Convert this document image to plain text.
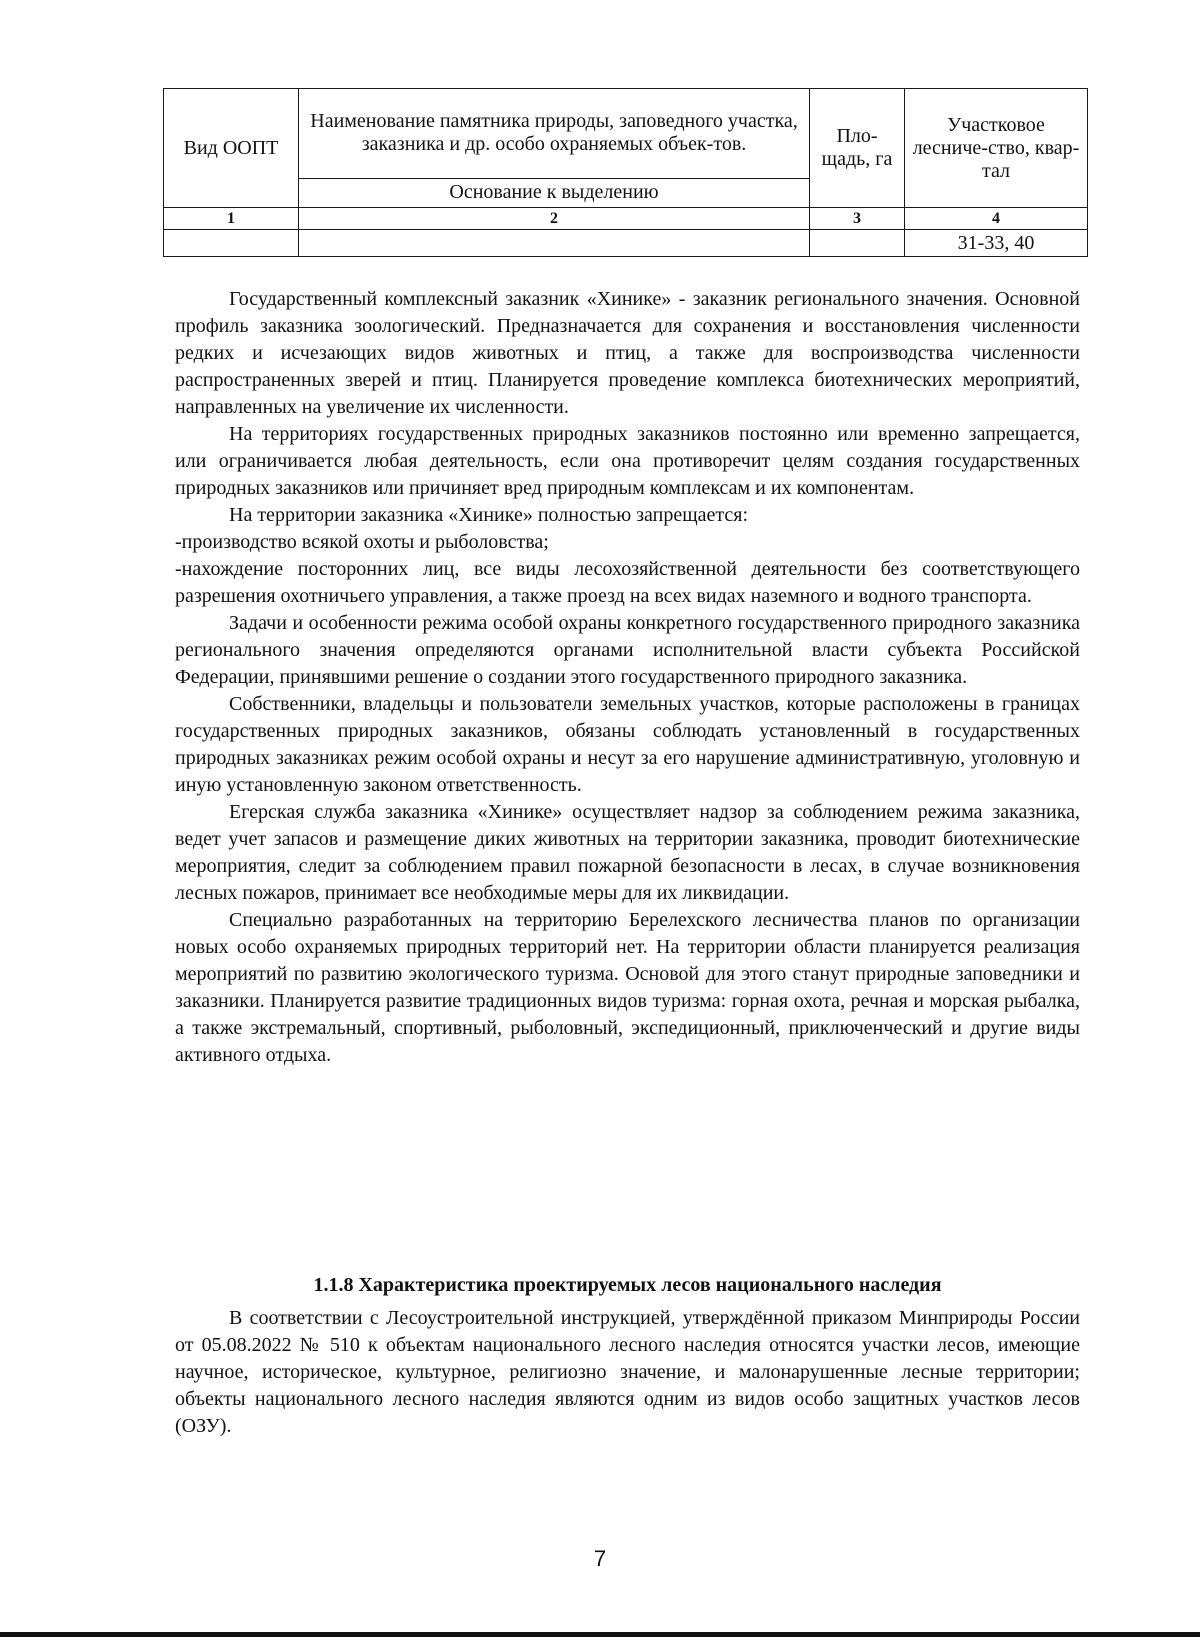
Вид ООПТ	Наименование памятника природы, заповедного участка, заказника и др. особо охраняемых объек-тов.	Пло-щадь, га	Участковое лесниче-ство, квар-тал
	Основание к выделению		
1	2	3	4
			31-33, 40

Государственный комплексный заказник «Хинике» - заказник регионального значения. Основной профиль заказника зоологический. Предназначается для сохранения и восстановления численности редких и исчезающих видов животных и птиц, а также для воспроизводства численности распространенных зверей и птиц. Планируется проведение комплекса биотехнических мероприятий, направленных на увеличение их численности.

На территориях государственных природных заказников постоянно или временно запрещается, или ограничивается любая деятельность, если она противоречит целям создания государственных природных заказников или причиняет вред природным комплексам и их компонентам.

На территории заказника «Хинике» полностью запрещается:

-производство всякой охоты и рыболовства;

-нахождение посторонних лиц, все виды лесохозяйственной деятельности без соответствующего разрешения охотничьего управления, а также проезд на всех видах наземного и водного транспорта.

Задачи и особенности режима особой охраны конкретного государственного природного заказника регионального значения определяются органами исполнительной власти субъекта Российской Федерации, принявшими решение о создании этого государственного природного заказника.

Собственники, владельцы и пользователи земельных участков, которые расположены в границах государственных природных заказников, обязаны соблюдать установленный в государственных природных заказниках режим особой охраны и несут за его нарушение административную, уголовную и иную установленную законом ответственность.

Егерская служба заказника «Хинике» осуществляет надзор за соблюдением режима заказника, ведет учет запасов и размещение диких животных на территории заказника, проводит биотехнические мероприятия, следит за соблюдением правил пожарной безопасности в лесах, в случае возникновения лесных пожаров, принимает все необходимые меры для их ликвидации.

Специально разработанных на территорию Берелехского лесничества планов по организации новых особо охраняемых природных территорий нет. На территории области планируется реализация мероприятий по развитию экологического туризма. Основой для этого станут природные заповедники и заказники. Планируется развитие традиционных видов туризма: горная охота, речная и морская рыбалка, а также экстремальный, спортивный, рыболовный, экспедиционный, приключенческий и другие виды активного отдыха.

1.1.8 Характеристика проектируемых лесов национального наследия

В соответствии с Лесоустроительной инструкцией, утверждённой приказом Минприроды России от 05.08.2022 № 510 к объектам национального лесного наследия относятся участки лесов, имеющие научное, историческое, культурное, религиозно значение, и малонарушенные лесные территории; объекты национального лесного наследия являются одним из видов особо защитных участков лесов (ОЗУ).

7
